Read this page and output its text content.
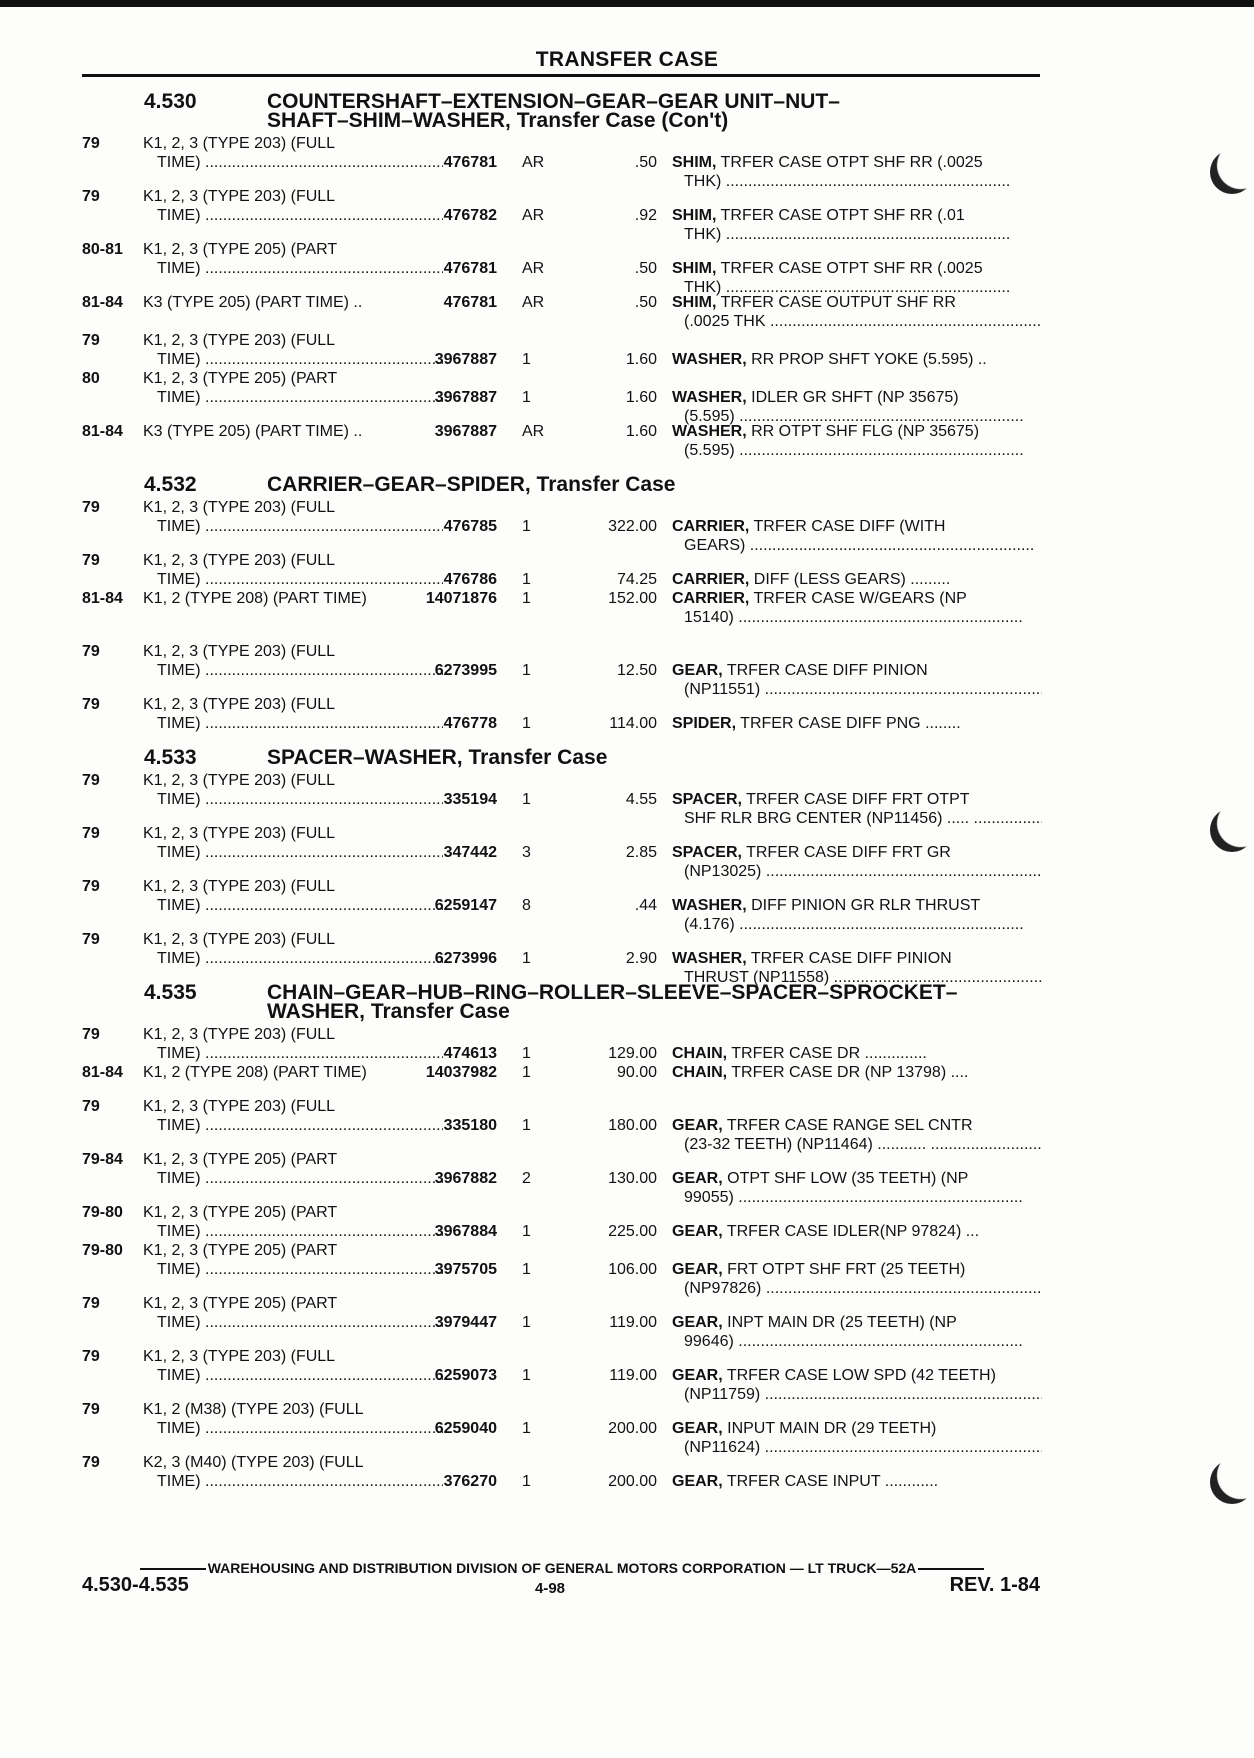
TRANSFER CASE
4.530	COUNTERSHAFT–EXTENSION–GEAR–GEAR UNIT–NUT–
SHAFT–SHIM–WASHER, Transfer Case (Con't)
79	K1, 2, 3 (TYPE 203) (FULL
TIME) .....	476781 AR	.50 SHIM, TRFER CASE OTPT SHF RR (.0025
THK) .....
79	K1, 2, 3 (TYPE 203) (FULL
TIME) .....	476782 AR	.92 SHIM, TRFER CASE OTPT SHF RR (.01
THK) .....
80-81 K1, 2, 3 (TYPE 205) (PART
TIME) .....	476781 AR	.50 SHIM, TRFER CASE OTPT SHF RR (.0025
THK) .....
81-84 K3 (TYPE 205) (PART TIME) ..	476781 AR	.50 SHIM, TRFER CASE OUTPUT SHF RR
(.0025 THK .....
79	K1, 2, 3 (TYPE 203) (FULL
TIME) .....	3967887 1	1.60 WASHER, RR PROP SHFT YOKE (5.595) ..
80	K1, 2, 3 (TYPE 205) (PART
TIME) .....	3967887 1	1.60 WASHER, IDLER GR SHFT (NP 35675)
(5.595) .....
81-84 K3 (TYPE 205) (PART TIME) ..	3967887 AR	1.60 WASHER, RR OTPT SHF FLG (NP 35675)
(5.595) .....
4.532	CARRIER–GEAR–SPIDER, Transfer Case
79	K1, 2, 3 (TYPE 203) (FULL
TIME) .....	476785 1	322.00 CARRIER, TRFER CASE DIFF (WITH
GEARS) .....
79	K1, 2, 3 (TYPE 203) (FULL
TIME) .....	476786 1	74.25 CARRIER, DIFF (LESS GEARS) .........
81-84 K1, 2 (TYPE 208) (PART TIME)	14071876 1	152.00 CARRIER, TRFER CASE W/GEARS (NP
15140) .....
79	K1, 2, 3 (TYPE 203) (FULL
TIME) .....	6273995 1	12.50 GEAR, TRFER CASE DIFF PINION
(NP11551) .....
79	K1, 2, 3 (TYPE 203) (FULL
TIME) .....	476778 1	114.00 SPIDER, TRFER CASE DIFF PNG ........
4.533	SPACER–WASHER, Transfer Case
79	K1, 2, 3 (TYPE 203) (FULL
TIME) .....	335194 1	4.55 SPACER, TRFER CASE DIFF FRT OTPT
SHF RLR BRG CENTER (NP11456) ..... .....
79	K1, 2, 3 (TYPE 203) (FULL
TIME) .....	347442 3	2.85 SPACER, TRFER CASE DIFF FRT GR
(NP13025) .....
79	K1, 2, 3 (TYPE 203) (FULL
TIME) .....	6259147 8	.44 WASHER, DIFF PINION GR RLR THRUST
(4.176) .....
79	K1, 2, 3 (TYPE 203) (FULL
TIME) .....	6273996 1	2.90 WASHER, TRFER CASE DIFF PINION
THRUST (NP11558) .....
4.535	CHAIN–GEAR–HUB–RING–ROLLER–SLEEVE–SPACER–SPROCKET–
WASHER, Transfer Case
79	K1, 2, 3 (TYPE 203) (FULL
TIME) .....	474613 1	129.00 CHAIN, TRFER CASE DR ..............
81-84 K1, 2 (TYPE 208) (PART TIME)	14037982 1	90.00 CHAIN, TRFER CASE DR (NP 13798) ....
79	K1, 2, 3 (TYPE 203) (FULL
TIME) .....	335180 1	180.00 GEAR, TRFER CASE RANGE SEL CNTR
(23-32 TEETH) (NP11464) ........... .....
79-84 K1, 2, 3 (TYPE 205) (PART
TIME) .....	3967882 2	130.00 GEAR, OTPT SHF LOW (35 TEETH) (NP
99055) .....
79-80 K1, 2, 3 (TYPE 205) (PART
TIME) .....	3967884 1	225.00 GEAR, TRFER CASE IDLER(NP 97824) ...
79-80 K1, 2, 3 (TYPE 205) (PART
TIME) .....	3975705 1	106.00 GEAR, FRT OTPT SHF FRT (25 TEETH)
(NP97826) .....
79	K1, 2, 3 (TYPE 205) (PART
TIME) .....	3979447 1	119.00 GEAR, INPT MAIN DR (25 TEETH) (NP
99646) .....
79	K1, 2, 3 (TYPE 203) (FULL
TIME) .....	6259073 1	119.00 GEAR, TRFER CASE LOW SPD (42 TEETH)
(NP11759) .....
79	K1, 2 (M38) (TYPE 203) (FULL
TIME) .....	6259040 1	200.00 GEAR, INPUT MAIN DR (29 TEETH)
(NP11624) .....
79	K2, 3 (M40) (TYPE 203) (FULL
TIME) .....	376270 1	200.00 GEAR, TRFER CASE INPUT ............
WAREHOUSING AND DISTRIBUTION DIVISION OF GENERAL MOTORS CORPORATION — LT TRUCK—52A
4.530-4.535	4-98	REV. 1-84
